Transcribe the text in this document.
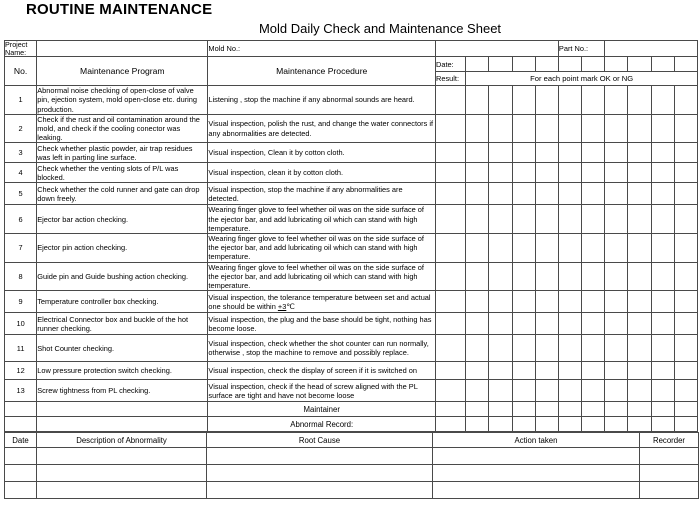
ROUTINE MAINTENANCE
Mold Daily Check and Maintenance Sheet
Project Name:		Mold No.:						Part No.:					
No.	Maintenance Program	Maintenance Procedure	Date:										
			Result:	For each point mark OK or NG									
1	Abnormal noise checking of open-close of valve pin, ejection system, mold open-close etc. during production.	Listening , stop the machine if any abnormal sounds are heard.											
2	Check if the rust and oil contamination around the mold, and check if the cooling conector was leaking.	Visual inspection, polish the rust, and change the water connectors if any abnormalities are detected.											
3	Check whether plastic powder, air trap residues was left in parting line surface.	Visual inspection, Clean it by cotton cloth.											
4	Check whether the venting slots of P/L was blocked.	Visual inspection, clean it by cotton cloth.											
5	Check whether the cold runner and gate can drop down freely.	Visual inspection, stop the machine if any abnormalities are detected.											
6	Ejector bar action checking.	Wearing finger glove to feel whether oil was on the side surface of the ejector bar, and add lubricating oil which can stand with high temperature.											
7	Ejector pin action checking.	Wearing finger glove to feel whether oil was on the side surface of the ejector bar, and add lubricating oil which can stand with high temperature.											
8	Guide pin and Guide bushing action checking.	Wearing finger glove to feel whether oil was on the side surface of the ejector bar, and add lubricating oil which can stand with high temperature.											
9	Temperature controller box checking.	Visual inspection, the tolerance temperature between set and actual one should be within +3℃											
10	Electrical Connector box and buckle of the hot runner checking.	Visual inspection, the plug and the base should be tight, nothing has become loose.											
11	Shot Counter checking.	Visual inspection, check whether the shot counter can run normally, otherwise , stop the machine to remove and possibly replace.											
12	Low pressure protection switch checking.	Visual inspection, check the display of screen if it is switched on											
13	Screw tightness from PL checking.	Visual inspection, check if the head of screw aligned with the PL surface are tight and have not become loose											
		Maintainer											
		Abnormal Record:											
Date	Description of Abnormality	Root Cause	Action taken	Recorder
